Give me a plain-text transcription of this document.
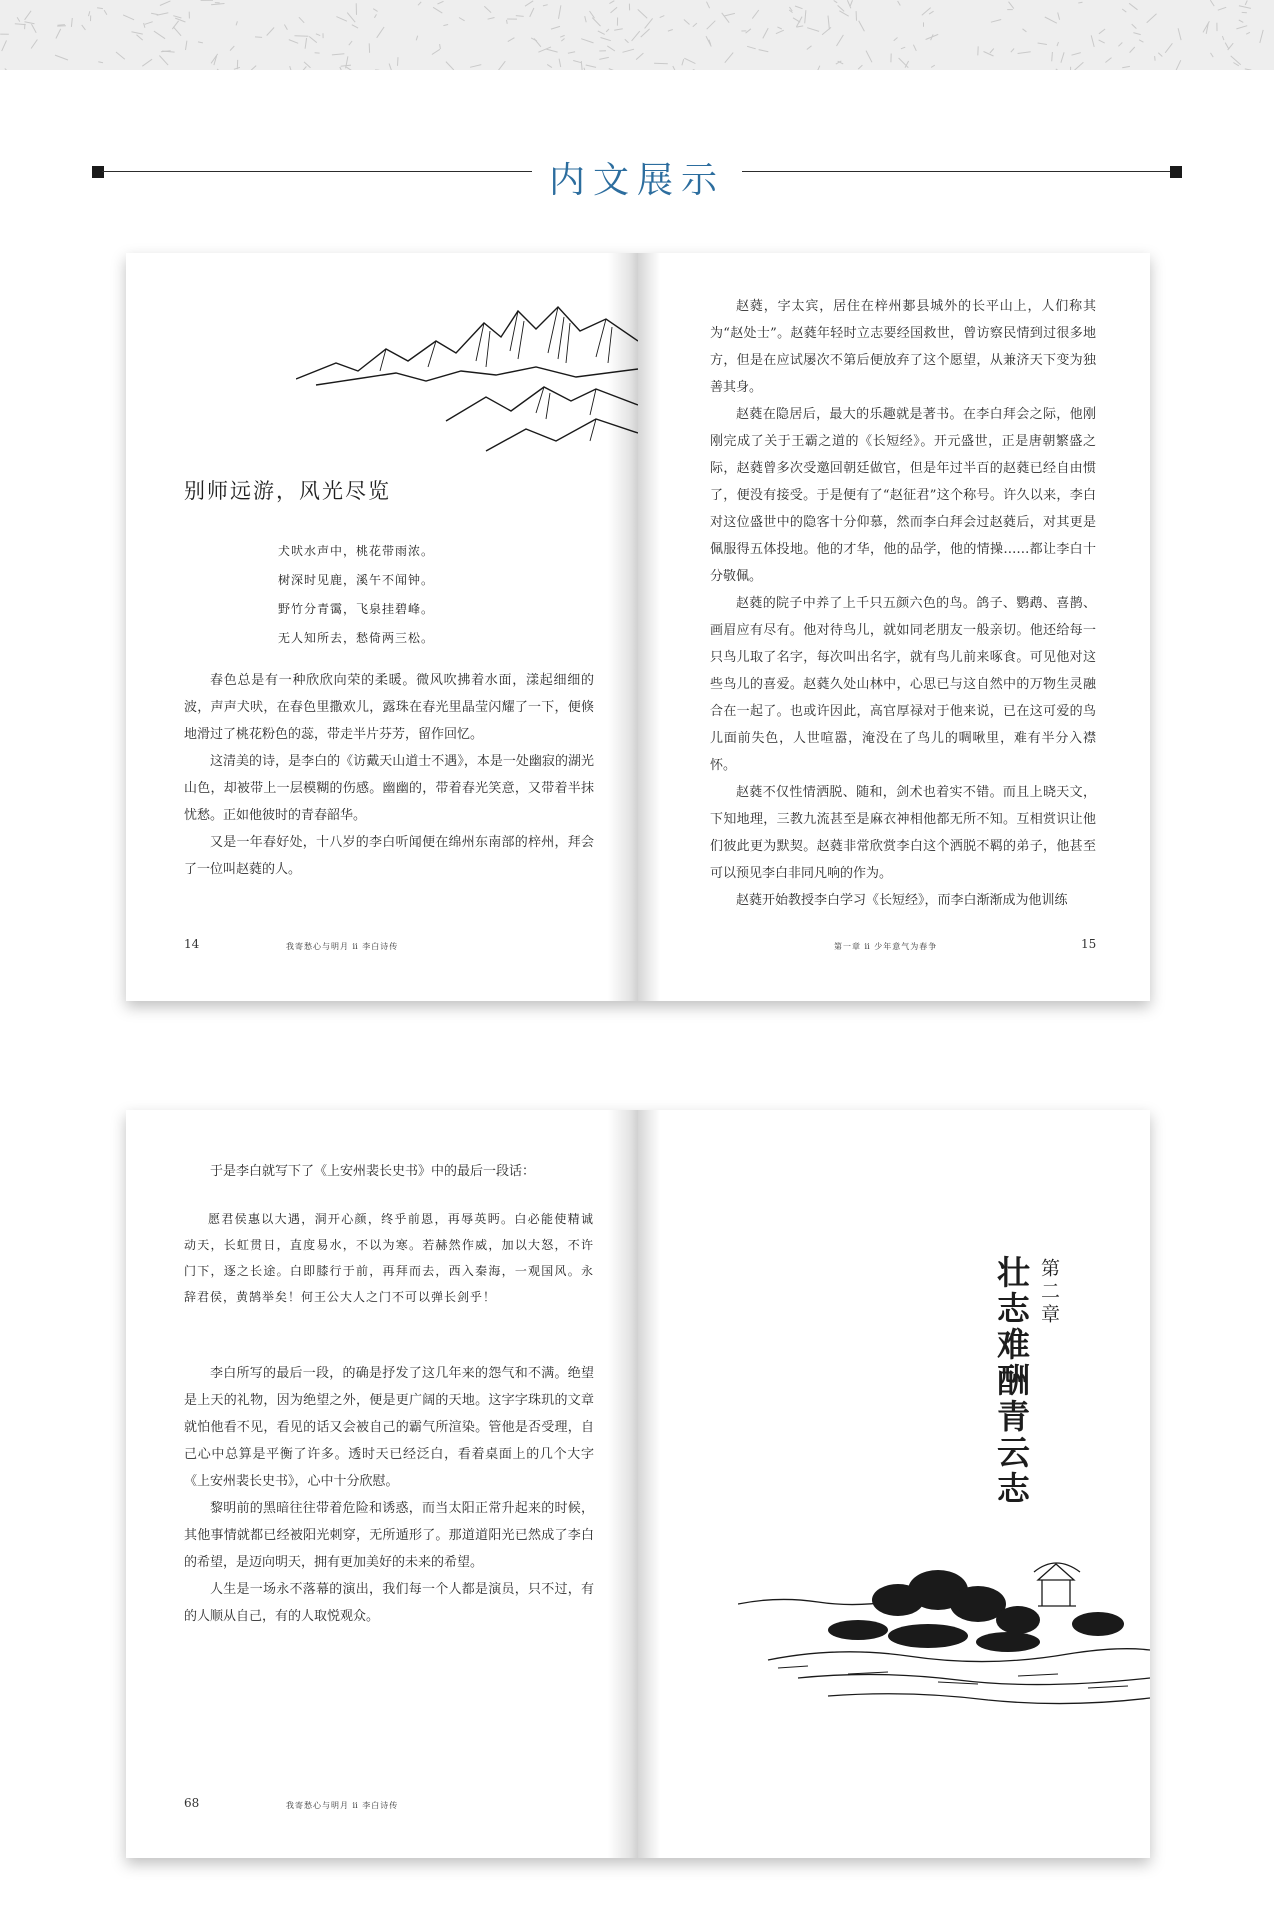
内文展示
别师远游，风光尽览
犬吠水声中，桃花带雨浓。
树深时见鹿，溪午不闻钟。
野竹分青霭，飞泉挂碧峰。
无人知所去，愁倚两三松。

春色总是有一种欣欣向荣的柔暖。微风吹拂着水面，漾起细细的波，声声犬吠，在春色里撒欢儿，露珠在春光里晶莹闪耀了一下，便倏地滑过了桃花粉色的蕊，带走半片芬芳，留作回忆。

这清美的诗，是李白的《访戴天山道士不遇》，本是一处幽寂的湖光山色，却被带上一层模糊的伤感。幽幽的，带着春光笑意，又带着半抹忧愁。正如他彼时的青春韶华。

又是一年春好处，十八岁的李白听闻便在绵州东南部的梓州，拜会了一位叫赵蕤的人。

14	我寄愁心与明月 ⅱ 李白诗传

赵蕤，字太宾，居住在梓州郪县城外的长平山上，人们称其为“赵处士”。赵蕤年轻时立志要经国救世，曾访察民情到过很多地方，但是在应试屡次不第后便放弃了这个愿望，从兼济天下变为独善其身。

赵蕤在隐居后，最大的乐趣就是著书。在李白拜会之际，他刚刚完成了关于王霸之道的《长短经》。开元盛世，正是唐朝繁盛之际，赵蕤曾多次受邀回朝廷做官，但是年过半百的赵蕤已经自由惯了，便没有接受。于是便有了“赵征君”这个称号。许久以来，李白对这位盛世中的隐客十分仰慕，然而李白拜会过赵蕤后，对其更是佩服得五体投地。他的才华，他的品学，他的情操……都让李白十分敬佩。

赵蕤的院子中养了上千只五颜六色的鸟。鸽子、鹦鹉、喜鹊、画眉应有尽有。他对待鸟儿，就如同老朋友一般亲切。他还给每一只鸟儿取了名字，每次叫出名字，就有鸟儿前来啄食。可见他对这些鸟儿的喜爱。赵蕤久处山林中，心思已与这自然中的万物生灵融合在一起了。也或许因此，高官厚禄对于他来说，已在这可爱的鸟儿面前失色，人世喧嚣，淹没在了鸟儿的啁啾里，难有半分入襟怀。

赵蕤不仅性情洒脱、随和，剑术也着实不错。而且上晓天文，下知地理，三教九流甚至是麻衣神相他都无所不知。互相赏识让他们彼此更为默契。赵蕤非常欣赏李白这个洒脱不羁的弟子，他甚至可以预见李白非同凡响的作为。

赵蕤开始教授李白学习《长短经》，而李白渐渐成为他训练

第一章 ⅱ 少年意气为春争	15

于是李白就写下了《上安州裴长史书》中的最后一段话：

愿君侯惠以大遇，洞开心颜，终乎前恩，再辱英眄。白必能使精诚动天，长虹贯日，直度易水，不以为寒。若赫然作威，加以大怒，不许门下，逐之长途。白即膝行于前，再拜而去，西入秦海，一观国风。永辞君侯，黄鹄举矣！何王公大人之门不可以弹长剑乎！

李白所写的最后一段，的确是抒发了这几年来的怨气和不满。绝望是上天的礼物，因为绝望之外，便是更广阔的天地。这字字珠玑的文章就怕他看不见，看见的话又会被自己的霸气所渲染。管他是否受理，自己心中总算是平衡了许多。透时天已经泛白，看着桌面上的几个大字《上安州裴长史书》，心中十分欣慰。

黎明前的黑暗往往带着危险和诱惑，而当太阳正常升起来的时候，其他事情就都已经被阳光刺穿，无所遁形了。那道道阳光已然成了李白的希望，是迈向明天，拥有更加美好的未来的希望。

人生是一场永不落幕的演出，我们每一个人都是演员，只不过，有的人顺从自己，有的人取悦观众。

68	我寄愁心与明月 ⅱ 李白诗传
第二章
壮志难酬青云志
